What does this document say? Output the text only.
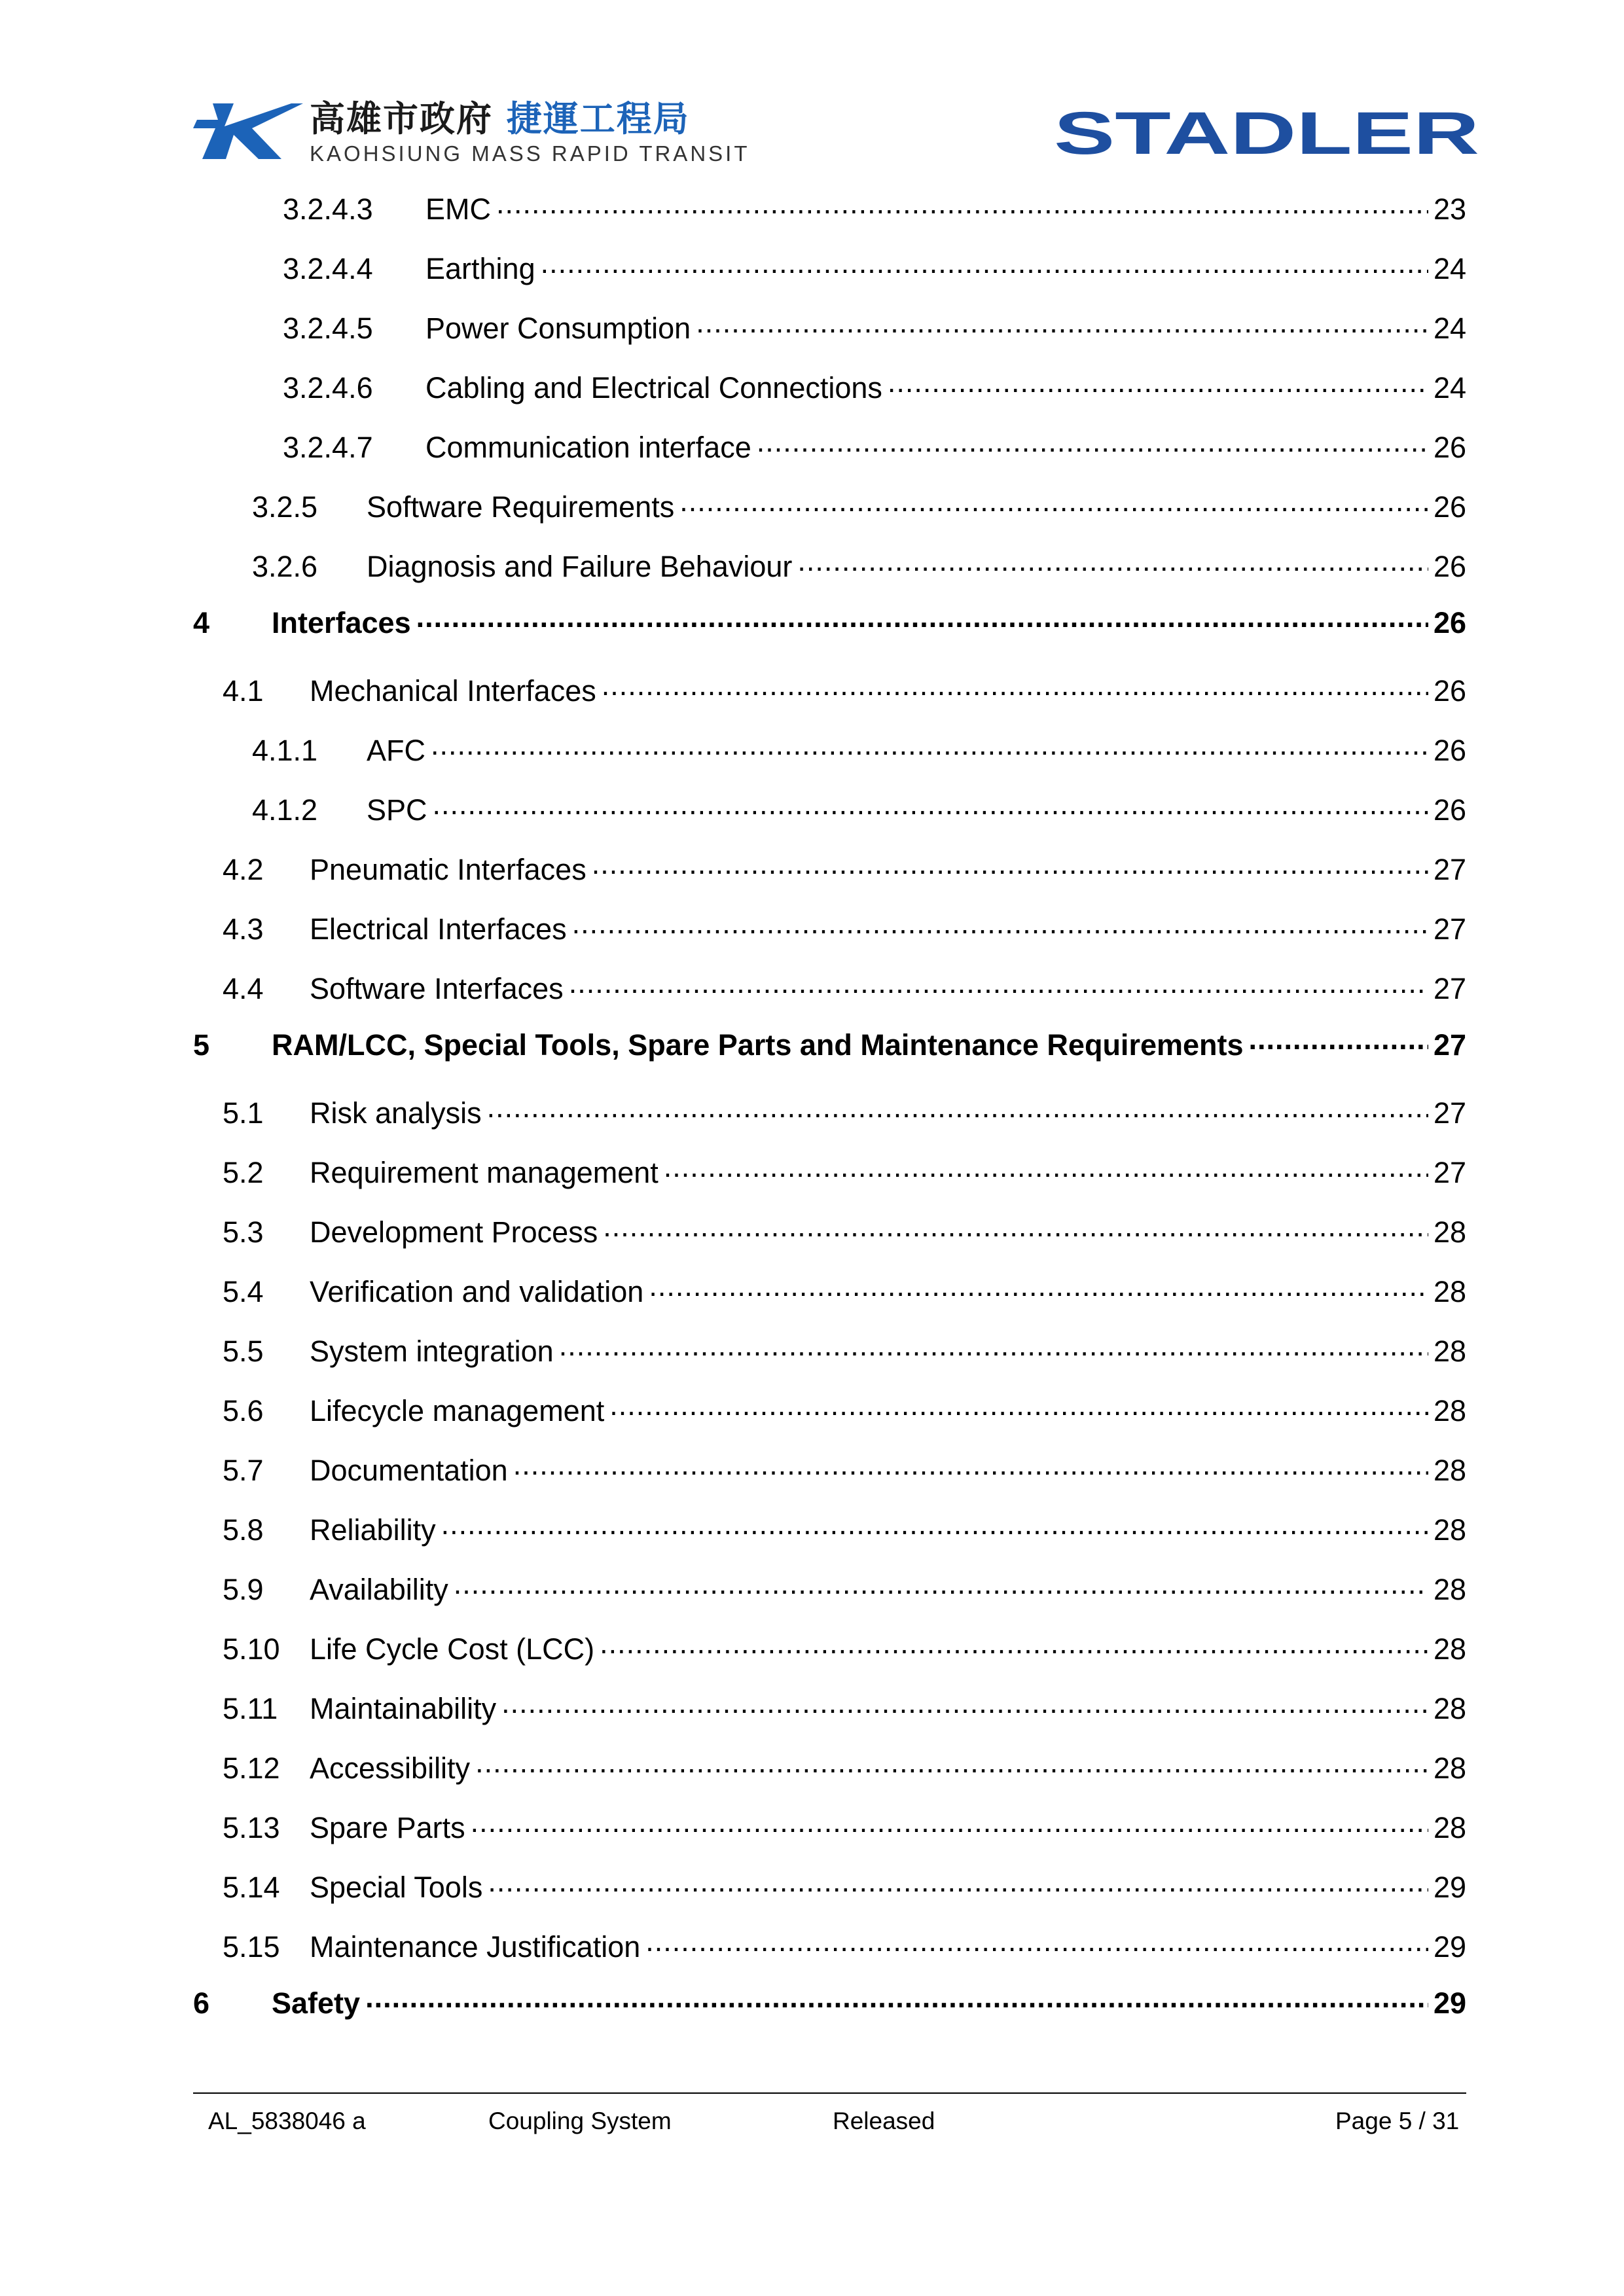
高雄市政府 捷運工程局
KAOHSIUNG MASS RAPID TRANSIT	STADLER
3.2.4.3	EMC .....	23
3.2.4.4	Earthing .....	24
3.2.4.5	Power Consumption .....	24
3.2.4.6	Cabling and Electrical Connections .....	24
3.2.4.7	Communication interface .....	26
3.2.5	Software Requirements .....	26
3.2.6	Diagnosis and Failure Behaviour .....	26
4	Interfaces .....	26
4.1	Mechanical Interfaces .....	26
4.1.1	AFC .....	26
4.1.2	SPC .....	26
4.2	Pneumatic Interfaces .....	27
4.3	Electrical Interfaces .....	27
4.4	Software Interfaces .....	27
5	RAM/LCC, Special Tools, Spare Parts and Maintenance Requirements .....	27
5.1	Risk analysis .....	27
5.2	Requirement management .....	27
5.3	Development Process .....	28
5.4	Verification and validation .....	28
5.5	System integration .....	28
5.6	Lifecycle management .....	28
5.7	Documentation .....	28
5.8	Reliability .....	28
5.9	Availability .....	28
5.10	Life Cycle Cost (LCC) .....	28
5.11	Maintainability .....	28
5.12	Accessibility .....	28
5.13	Spare Parts .....	28
5.14	Special Tools .....	29
5.15	Maintenance Justification .....	29
6	Safety .....	29
AL_5838046 a	Coupling System	Released	Page 5 / 31
